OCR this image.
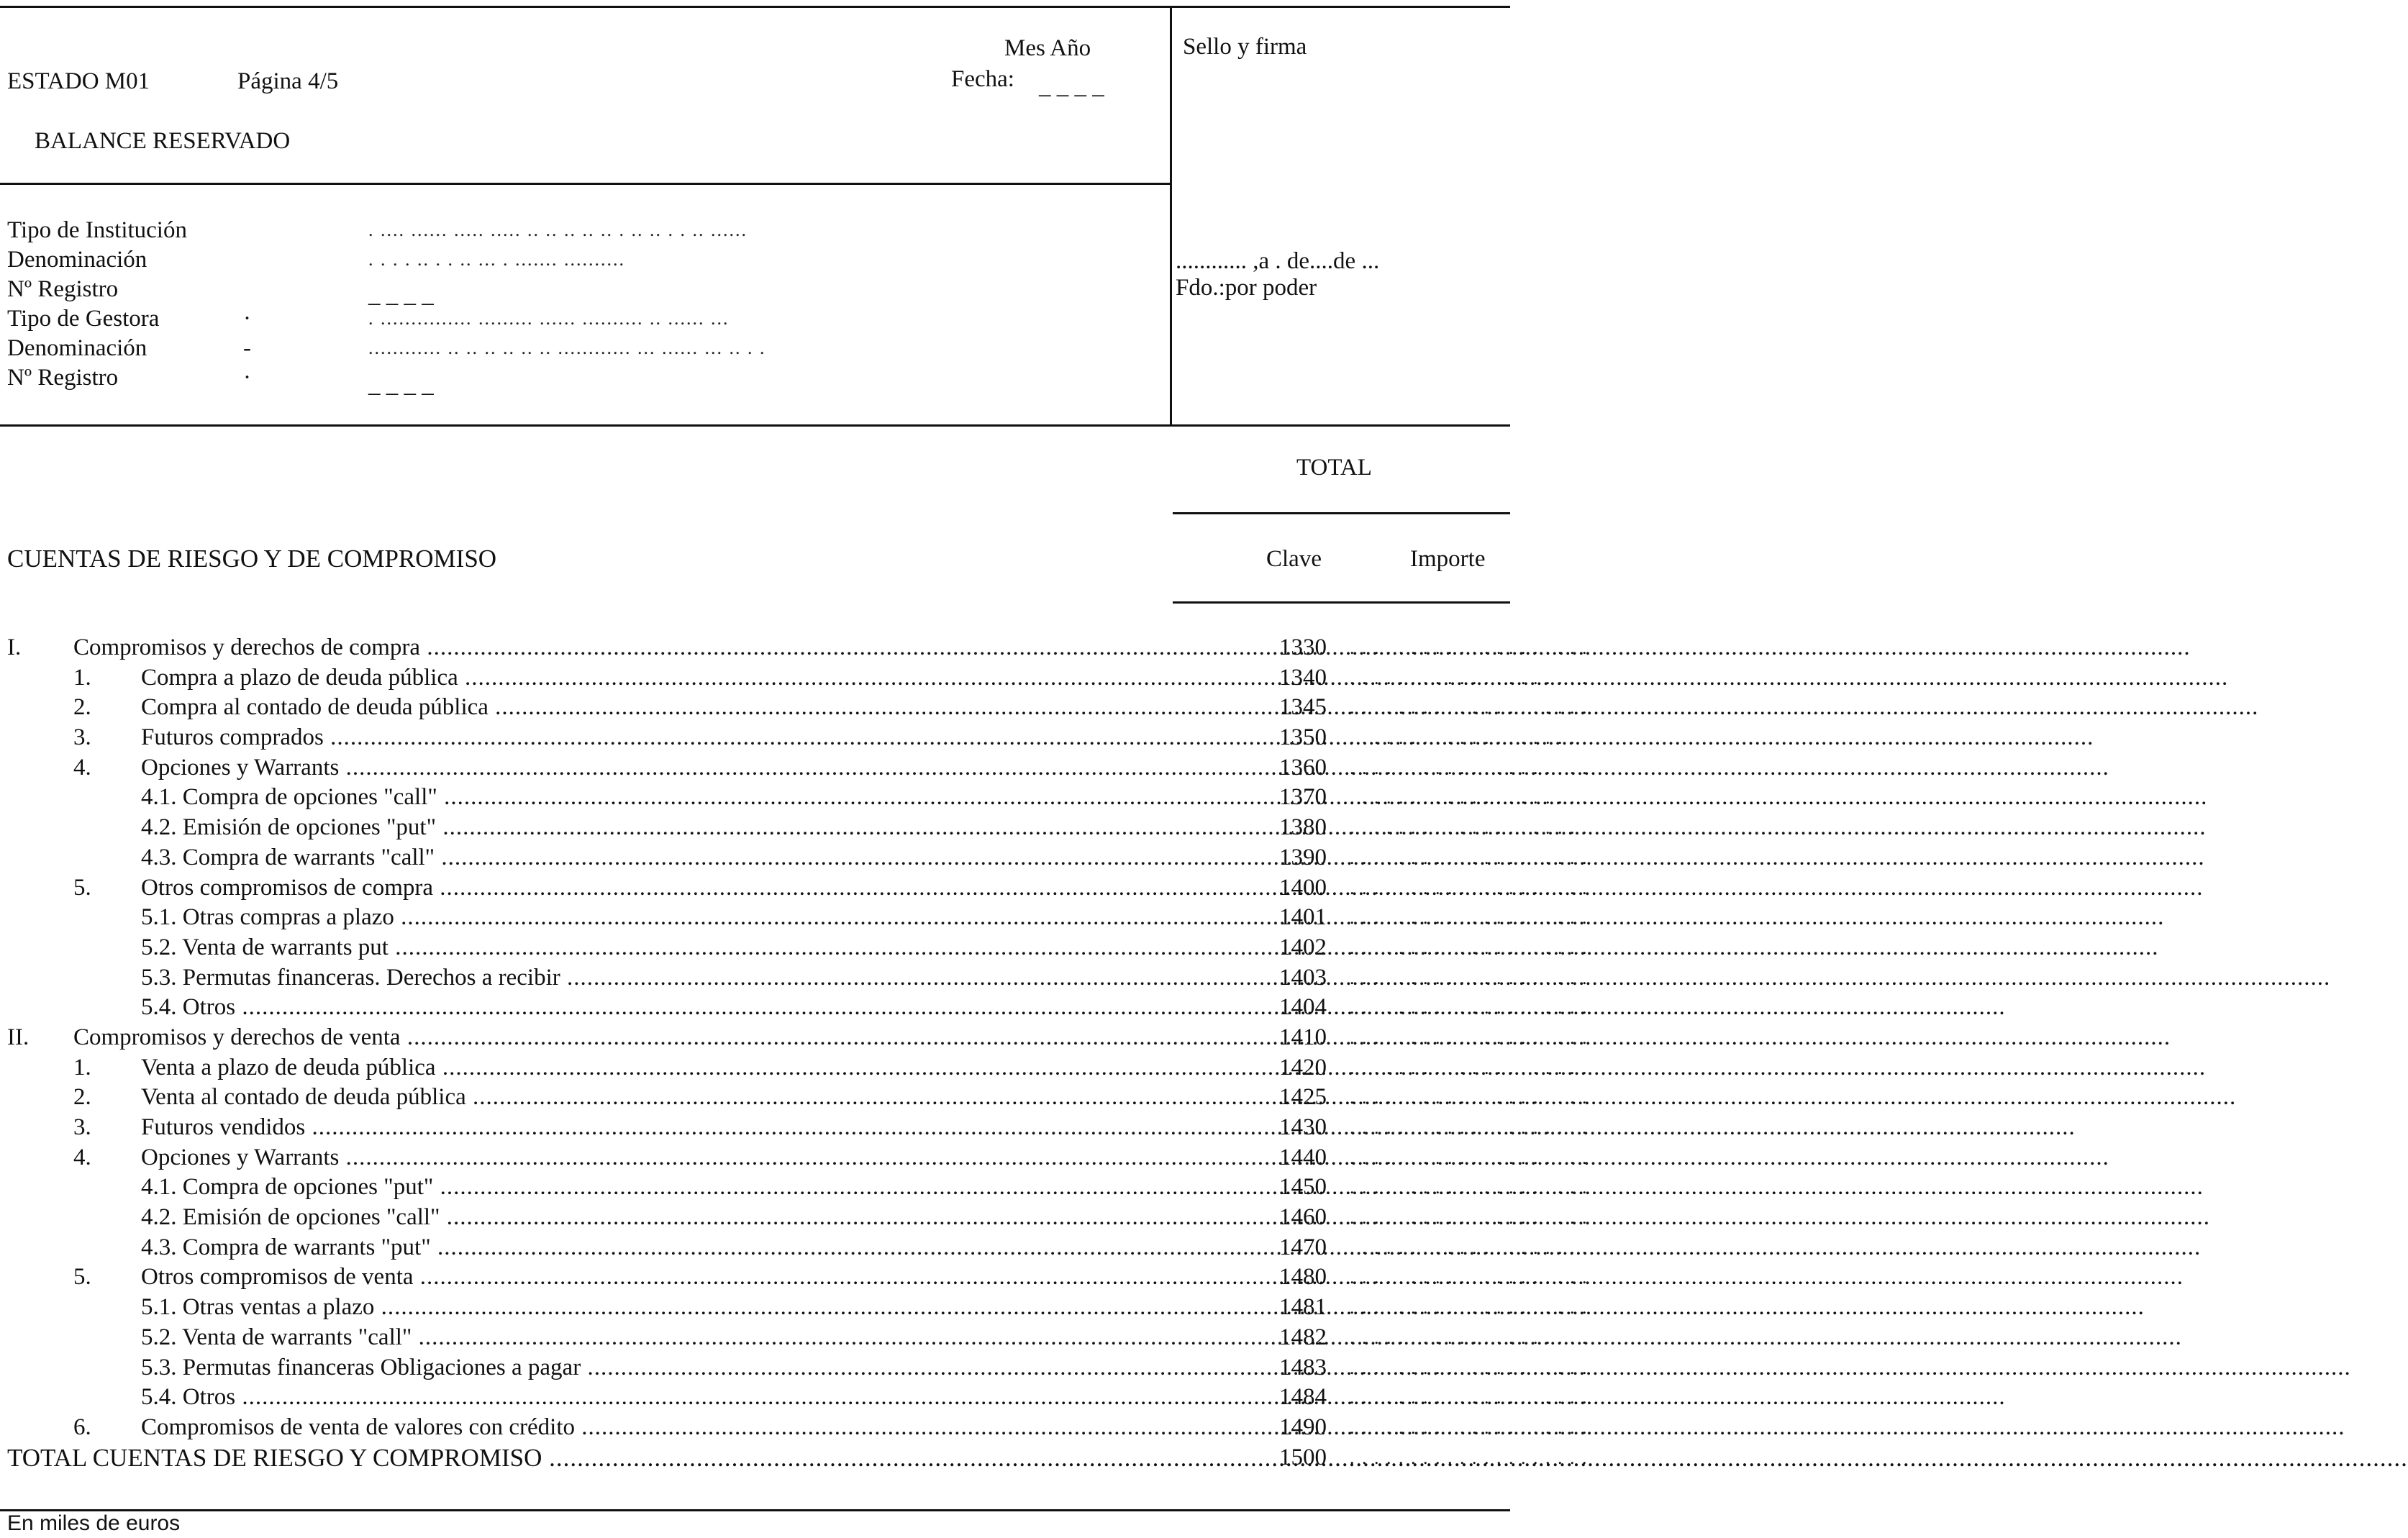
ESTADO M01	Página 4/5
Mes Año
Fecha: _ _ _ _
BALANCE RESERVADO
Sello y firma
Tipo de Institución	. .... ...... ..... ..... .. .. .. .. .. . .. .. . . .. ......
Denominación	. . . . .. . . .. ... . ....... ..........
Nº Registro	_ _ _ _
Tipo de Gestora	·	. ............... ......... ...... .......... .. ...... ...
Denominación	-	............ .. .. .. .. .. .. ............ ... ...... ... .. . .
Nº Registro	·	_ _ _ _
............ ,a . de....de ...
Fdo.:por poder
TOTAL
CUENTAS DE RIESGO Y DE COMPROMISO	Clave	Importe
I. Compromisos y derechos de compra .....	1330 . . . . . . . . . . . . . . . . . . . .
1. Compra a plazo de deuda pública .....	1340 . . . . . . . . . . . . . . . . . . . .
2. Compra al contado de deuda pública .....	1345 . . . . . . . . . . . . . . . . . . . .
3. Futuros comprados .....	1350 . . . . . . . . . . . . . . . . . . . .
4. Opciones y Warrants .....	1360 . . . . . . . . . . . . . . . . . . . .
4.1. Compra de opciones "call" .....	1370 . . . . . . . . . . . . . . . . . . . .
4.2. Emisión de opciones "put" .....	1380 . . . . . . . . . . . . . . . . . . . .
4.3. Compra de warrants "call" .....	1390 . . . . . . . . . . . . . . . . . . . .
5. Otros compromisos de compra .....	1400 . . . . . . . . . . . . . . . . . . . .
5.1. Otras compras a plazo .....	1401 . . . . . . . . . . . . . . . . . . . .
5.2. Venta de warrants put .....	1402 . . . . . . . . . . . . . . . . . . . .
5.3. Permutas financeras. Derechos a recibir .....	1403 . . . . . . . . . . . . . . . . . . . .
5.4. Otros .....	1404 . . . . . . . . . . . . . . . . . . . .
II. Compromisos y derechos de venta .....	1410 . . . . . . . . . . . . . . . . . . . .
1. Venta a plazo de deuda pública .....	1420 . . . . . . . . . . . . . . . . . . . .
2. Venta al contado de deuda pública .....	1425 . . . . . . . . . . . . . . . . . . . .
3. Futuros vendidos .....	1430 . . . . . . . . . . . . . . . . . . . .
4. Opciones y Warrants .....	1440 . . . . . . . . . . . . . . . . . . . .
4.1. Compra de opciones "put" .....	1450 . . . . . . . . . . . . . . . . . . . .
4.2. Emisión de opciones "call" .....	1460 . . . . . . . . . . . . . . . . . . . .
4.3. Compra de warrants "put" .....	1470 . . . . . . . . . . . . . . . . . . . .
5. Otros compromisos de venta .....	1480 . . . . . . . . . . . . . . . . . . . .
5.1. Otras ventas a plazo .....	1481 . . . . . . . . . . . . . . . . . . . .
5.2. Venta de warrants "call" .....	1482 . . . . . . . . . . . . . . . . . . . .
5.3. Permutas financeras Obligaciones a pagar .....	1483 . . . . . . . . . . . . . . . . . . . .
5.4. Otros .....	1484 . . . . . . . . . . . . . . . . . . . .
6. Compromisos de venta de valores con crédito .....	1490 . . . . . . . . . . . . . . . . . . . .
TOTAL CUENTAS DE RIESGO Y COMPROMISO .....	1500 . . . . . . . . . . . . . . . . . . . .
En miles de euros
